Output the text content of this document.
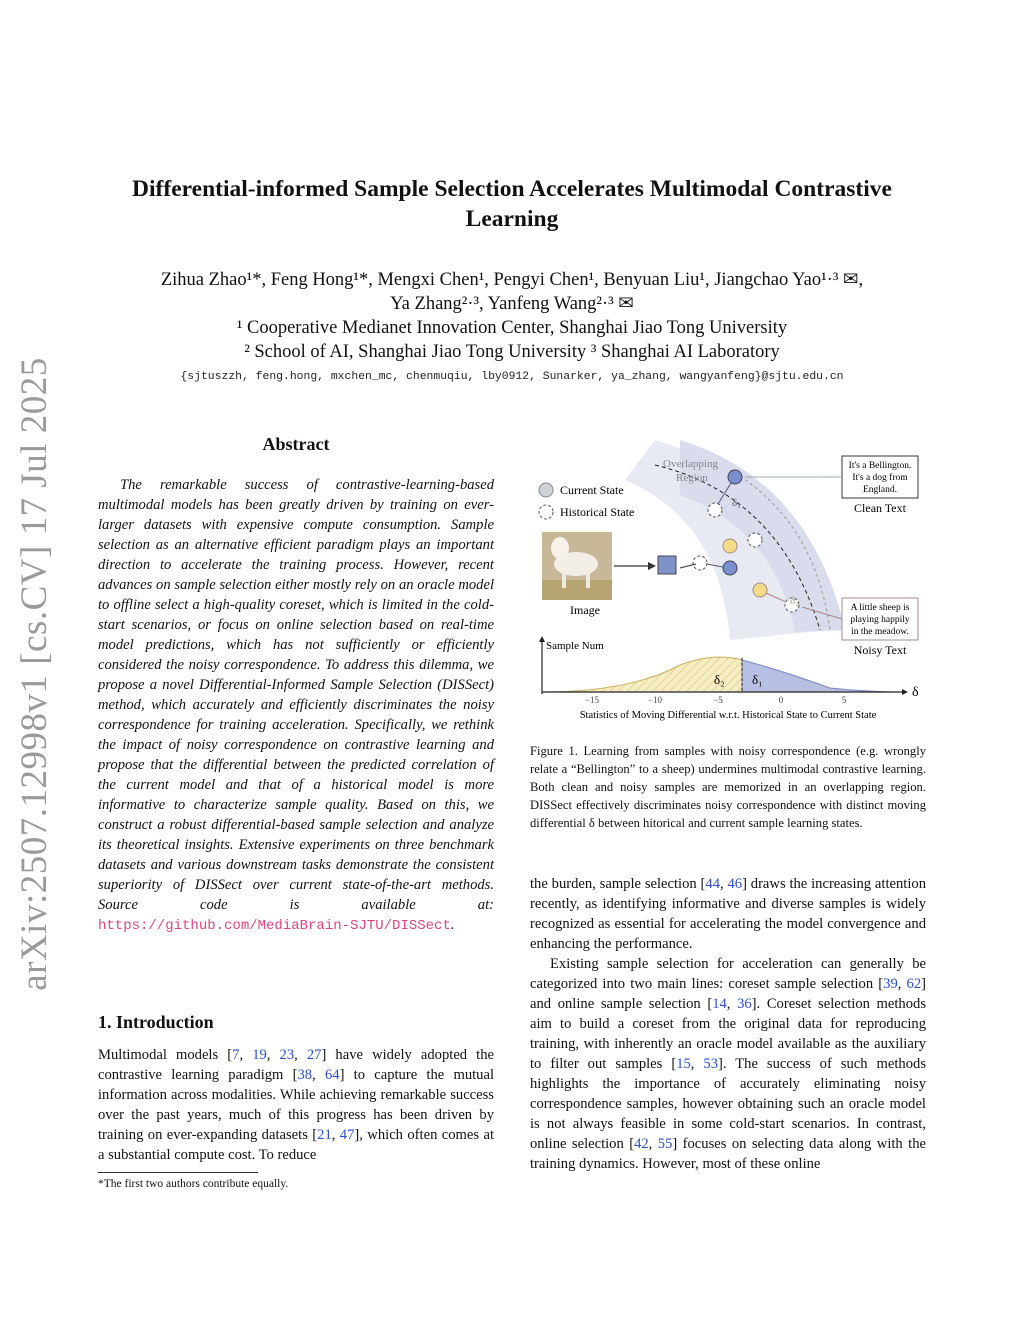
arXiv:2507.12998v1 [cs.CV] 17 Jul 2025
Differential-informed Sample Selection Accelerates Multimodal Contrastive Learning
Zihua Zhao¹*, Feng Hong¹*, Mengxi Chen¹, Pengyi Chen¹, Benyuan Liu¹, Jiangchao Yao¹·³ ✉,
Ya Zhang²·³, Yanfeng Wang²·³ ✉
¹ Cooperative Medianet Innovation Center, Shanghai Jiao Tong University
² School of AI, Shanghai Jiao Tong University ³ Shanghai AI Laboratory
{sjtuszzh, feng.hong, mxchen_mc, chenmuqiu, lby0912, Sunarker, ya_zhang, wangyanfeng}@sjtu.edu.cn
Abstract

The remarkable success of contrastive-learning-based multimodal models has been greatly driven by training on ever-larger datasets with expensive compute consumption. Sample selection as an alternative efficient paradigm plays an important direction to accelerate the training process. However, recent advances on sample selection either mostly rely on an oracle model to offline select a high-quality coreset, which is limited in the cold-start scenarios, or focus on online selection based on real-time model predictions, which has not sufficiently or efficiently considered the noisy correspondence. To address this dilemma, we propose a novel Differential-Informed Sample Selection (DISSect) method, which accurately and efficiently discriminates the noisy correspondence for training acceleration. Specifically, we rethink the impact of noisy correspondence on contrastive learning and propose that the differential between the predicted correlation of the current model and that of a historical model is more informative to characterize sample quality. Based on this, we construct a robust differential-based sample selection and analyze its theoretical insights. Extensive experiments on three benchmark datasets and various downstream tasks demonstrate the consistent superiority of DISSect over current state-of-the-art methods. Source code is available at: https://github.com/MediaBrain-SJTU/DISSect.

1. Introduction

Multimodal models [7, 19, 23, 27] have widely adopted the contrastive learning paradigm [38, 64] to capture the mutual information across modalities. While achieving remarkable success over the past years, much of this progress has been driven by training on ever-expanding datasets [21, 47], which often comes at a substantial compute cost. To reduce

*The first two authors contribute equally.
Overlapping
Region
Current State
Historical State
Image
δ₁
δ₂
It's a Bellington.
It's a dog from
England.
Clean Text
A little sheep is
playing happily
in the meadow.
Noisy Text
Sample Num
δ₂ δ₁
δ
−15	−10	−5	0	5
Statistics of Moving Differential w.r.t. Historical State to Current State
Figure 1. Learning from samples with noisy correspondence (e.g. wrongly relate a “Bellington” to a sheep) undermines multimodal contrastive learning. Both clean and noisy samples are memorized in an overlapping region. DISSect effectively discriminates noisy correspondence with distinct moving differential δ between hitorical and current sample learning states.

the burden, sample selection [44, 46] draws the increasing attention recently, as identifying informative and diverse samples is widely recognized as essential for accelerating the model convergence and enhancing the performance.

Existing sample selection for acceleration can generally be categorized into two main lines: coreset sample selection [39, 62] and online sample selection [14, 36]. Coreset selection methods aim to build a coreset from the original data for reproducing training, with inherently an oracle model available as the auxiliary to filter out samples [15, 53]. The success of such methods highlights the importance of accurately eliminating noisy correspondence samples, however obtaining such an oracle model is not always feasible in some cold-start scenarios. In contrast, online selection [42, 55] focuses on selecting data along with the training dynamics. However, most of these online
